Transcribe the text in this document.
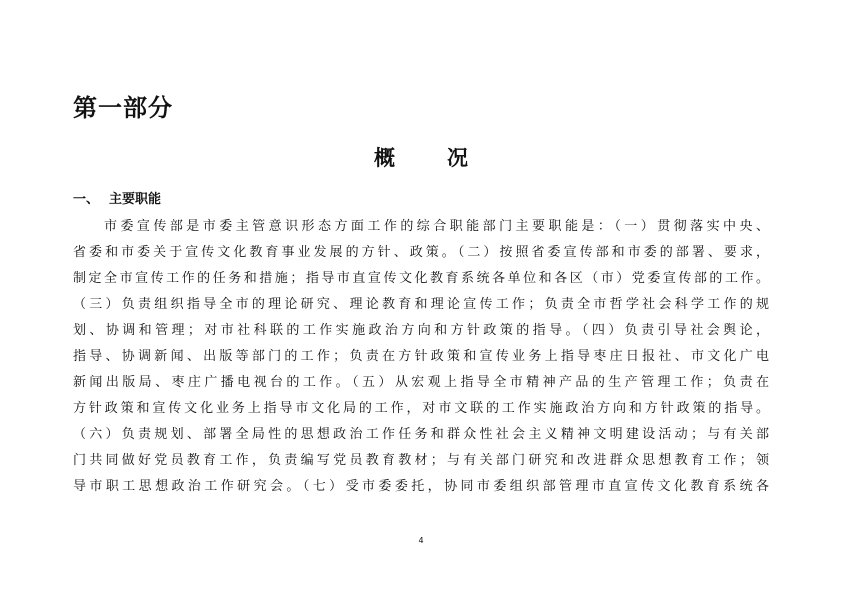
第一部分
概 况
一、 主要职能
市委宣传部是市委主管意识形态方面工作的综合职能部门主要职能是：（一）贯彻落实中央、
省委和市委关于宣传文化教育事业发展的方针、政策。（二）按照省委宣传部和市委的部署、要求，
制定全市宣传工作的任务和措施；指导市直宣传文化教育系统各单位和各区（市）党委宣传部的工作。
（三）负责组织指导全市的理论研究、理论教育和理论宣传工作；负责全市哲学社会科学工作的规
划、协调和管理；对市社科联的工作实施政治方向和方针政策的指导。（四）负责引导社会舆论，
指导、协调新闻、出版等部门的工作；负责在方针政策和宣传业务上指导枣庄日报社、市文化广电
新闻出版局、枣庄广播电视台的工作。（五）从宏观上指导全市精神产品的生产管理工作；负责在
方针政策和宣传文化业务上指导市文化局的工作，对市文联的工作实施政治方向和方针政策的指导。
（六）负责规划、部署全局性的思想政治工作任务和群众性社会主义精神文明建设活动；与有关部
门共同做好党员教育工作，负责编写党员教育教材；与有关部门研究和改进群众思想教育工作；领
导市职工思想政治工作研究会。（七）受市委委托，协同市委组织部管理市直宣传文化教育系统各
4
